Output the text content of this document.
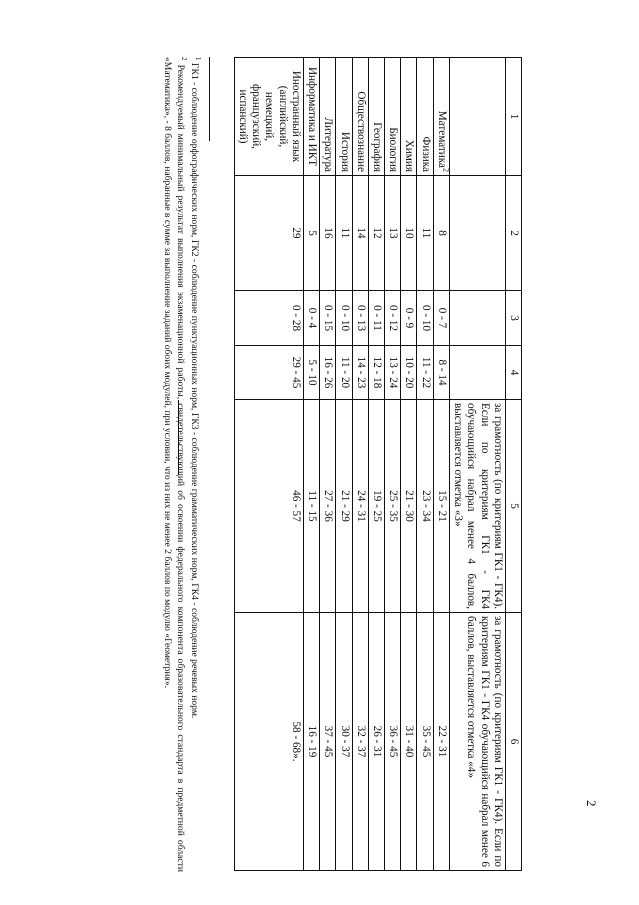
2
1	2	3	4	5	6
				за грамотность (по критериям ГК1 - ГК4). Если по критериям ГК1 - ГК4 обучающийся набрал менее 4 баллов, выставляется отметка «3»	за грамотность (по критериям ГК1 - ГК4). Если по критериям ГК1 - ГК4 обучающийся набрал менее 6 баллов, выставляется отметка «4»
Математика$^2$	8	0 - 7	8 - 14	15 - 21	22 - 31
Физика	11	0 - 10	11 - 22	23 - 34	35 - 45
Химия	10	0 - 9	10 - 20	21 - 30	31 - 40
Биология	13	0 - 12	13 - 24	25 - 35	36 - 45
География	12	0 - 11	12 - 18	19 - 25	26 - 31
Обществознание	14	0 - 13	14 - 23	24 - 31	32 - 37
История	11	0 - 10	11 - 20	21 - 29	30 - 37
Литература	16	0 - 15	16 - 26	27 - 36	37 - 45
Информатика и ИКТ	5	0 - 4	5 - 10	11 - 15	16 - 19
Иностранный язык (английский, немецкий, французский, испанский)	29	0 - 28	29 - 45	46 - 57	58 - 68».

$^1$ ГК1 - соблюдение орфографических норм, ГК2 - соблюдение пунктуационных норм, ГК3 - соблюдение грамматических норм, ГК4 - соблюдение речевых норм.

$^2$ Рекомендуемый минимальный результат выполнения экзаменационной работы, свидетельствующий об освоении федерального компонента образовательного стандарта в предметной области «Математика», - 8 баллов, набранные в сумме за выполнение заданий обоих модулей, при условии, что из них не менее 2 баллов по модулю «Геометрия».
